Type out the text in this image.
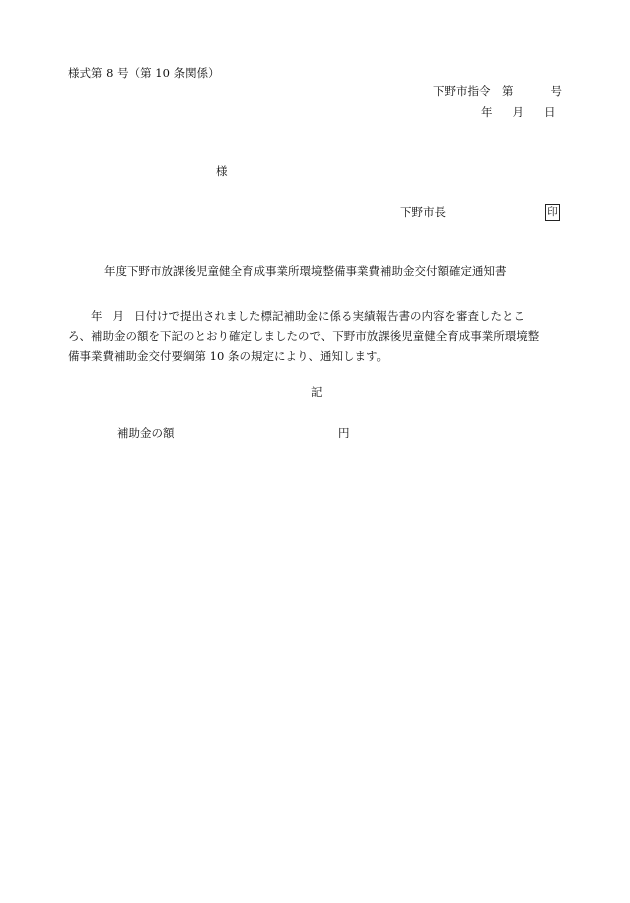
様式第 8 号（第 10 条関係）
下野市指令　第	号
年 月 日
様
下野市長	印
年度下野市放課後児童健全育成事業所環境整備事業費補助金交付額確定通知書
　　年 月 日付けで提出されました標記補助金に係る実績報告書の内容を審査したとこ
ろ、補助金の額を下記のとおり確定しましたので、下野市放課後児童健全育成事業所環境整
備事業費補助金交付要綱第 10 条の規定により、通知します。
記
補助金の額	円
